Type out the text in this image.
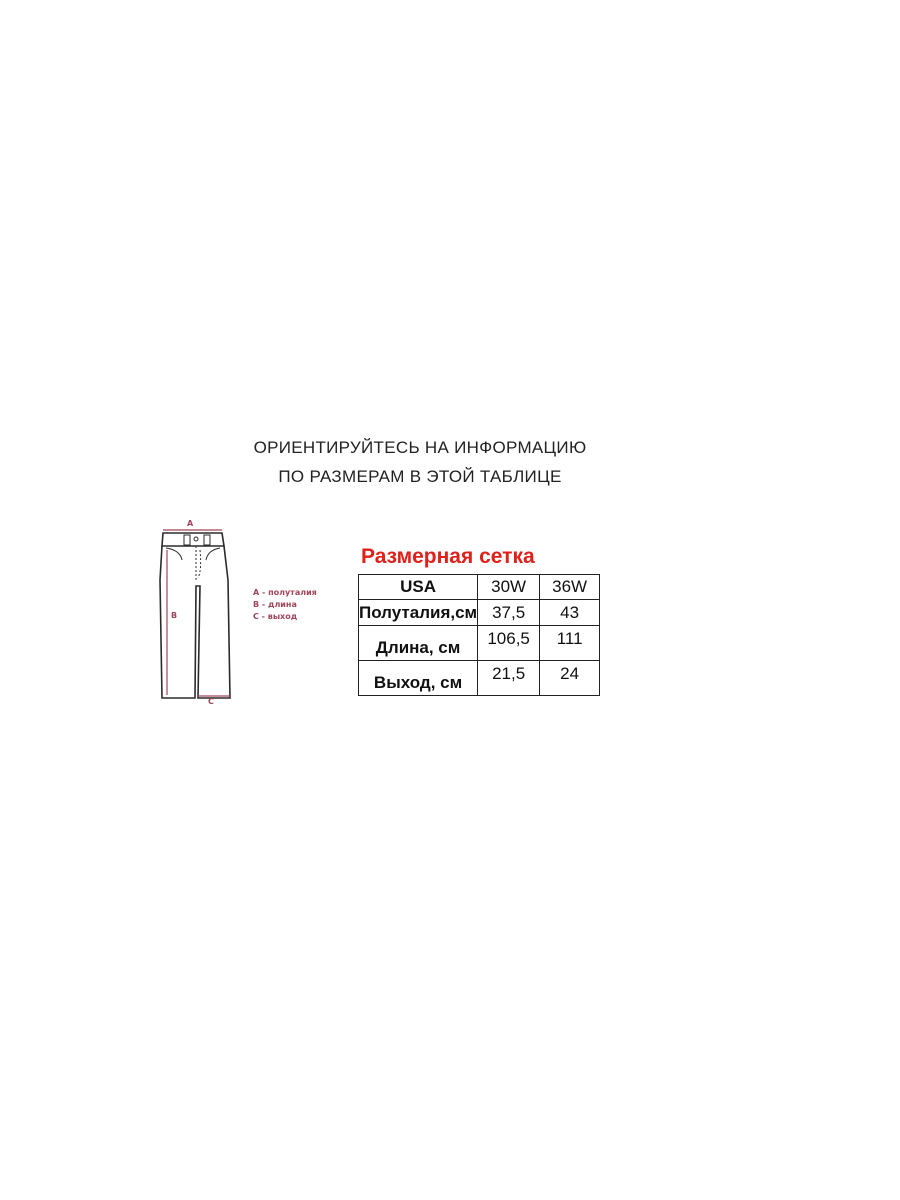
ОРИЕНТИРУЙТЕСЬ НА ИНФОРМАЦИЮ
ПО РАЗМЕРАМ В ЭТОЙ ТАБЛИЦЕ
A
B
C
A - полуталия
B - длина
C - выход
Размерная сетка
USA	30W	36W
Полуталия,см	37,5	43
Длина, см	106,5	111
Выход, см	21,5	24
